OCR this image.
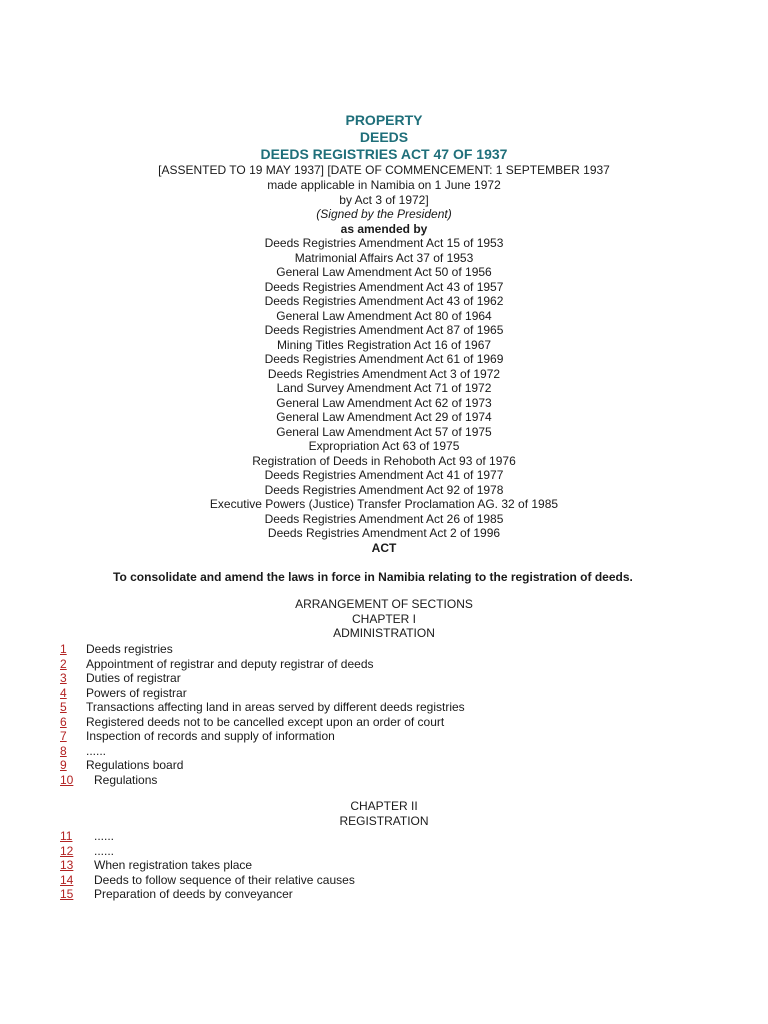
PROPERTY

DEEDS

DEEDS REGISTRIES ACT 47 OF 1937

[ASSENTED TO 19 MAY 1937] [DATE OF COMMENCEMENT: 1 SEPTEMBER 1937

made applicable in Namibia on 1 June 1972

by Act 3 of 1972]

(Signed by the President)

as amended by

Deeds Registries Amendment Act 15 of 1953

Matrimonial Affairs Act 37 of 1953

General Law Amendment Act 50 of 1956

Deeds Registries Amendment Act 43 of 1957

Deeds Registries Amendment Act 43 of 1962

General Law Amendment Act 80 of 1964

Deeds Registries Amendment Act 87 of 1965

Mining Titles Registration Act 16 of 1967

Deeds Registries Amendment Act 61 of 1969

Deeds Registries Amendment Act 3 of 1972

Land Survey Amendment Act 71 of 1972

General Law Amendment Act 62 of 1973

General Law Amendment Act 29 of 1974

General Law Amendment Act 57 of 1975

Expropriation Act 63 of 1975

Registration of Deeds in Rehoboth Act 93 of 1976

Deeds Registries Amendment Act 41 of 1977

Deeds Registries Amendment Act 92 of 1978

Executive Powers (Justice) Transfer Proclamation AG. 32 of 1985

Deeds Registries Amendment Act 26 of 1985

Deeds Registries Amendment Act 2 of 1996

ACT

To consolidate and amend the laws in force in Namibia relating to the registration of deeds.

ARRANGEMENT OF SECTIONS

CHAPTER I

ADMINISTRATION

1 Deeds registries
2 Appointment of registrar and deputy registrar of deeds
3 Duties of registrar
4 Powers of registrar
5 Transactions affecting land in areas served by different deeds registries
6 Registered deeds not to be cancelled except upon an order of court
7 Inspection of records and supply of information
8 ......
9 Regulations board
10 Regulations

CHAPTER II

REGISTRATION

11 ......
12 ......
13 When registration takes place
14 Deeds to follow sequence of their relative causes
15 Preparation of deeds by conveyancer
